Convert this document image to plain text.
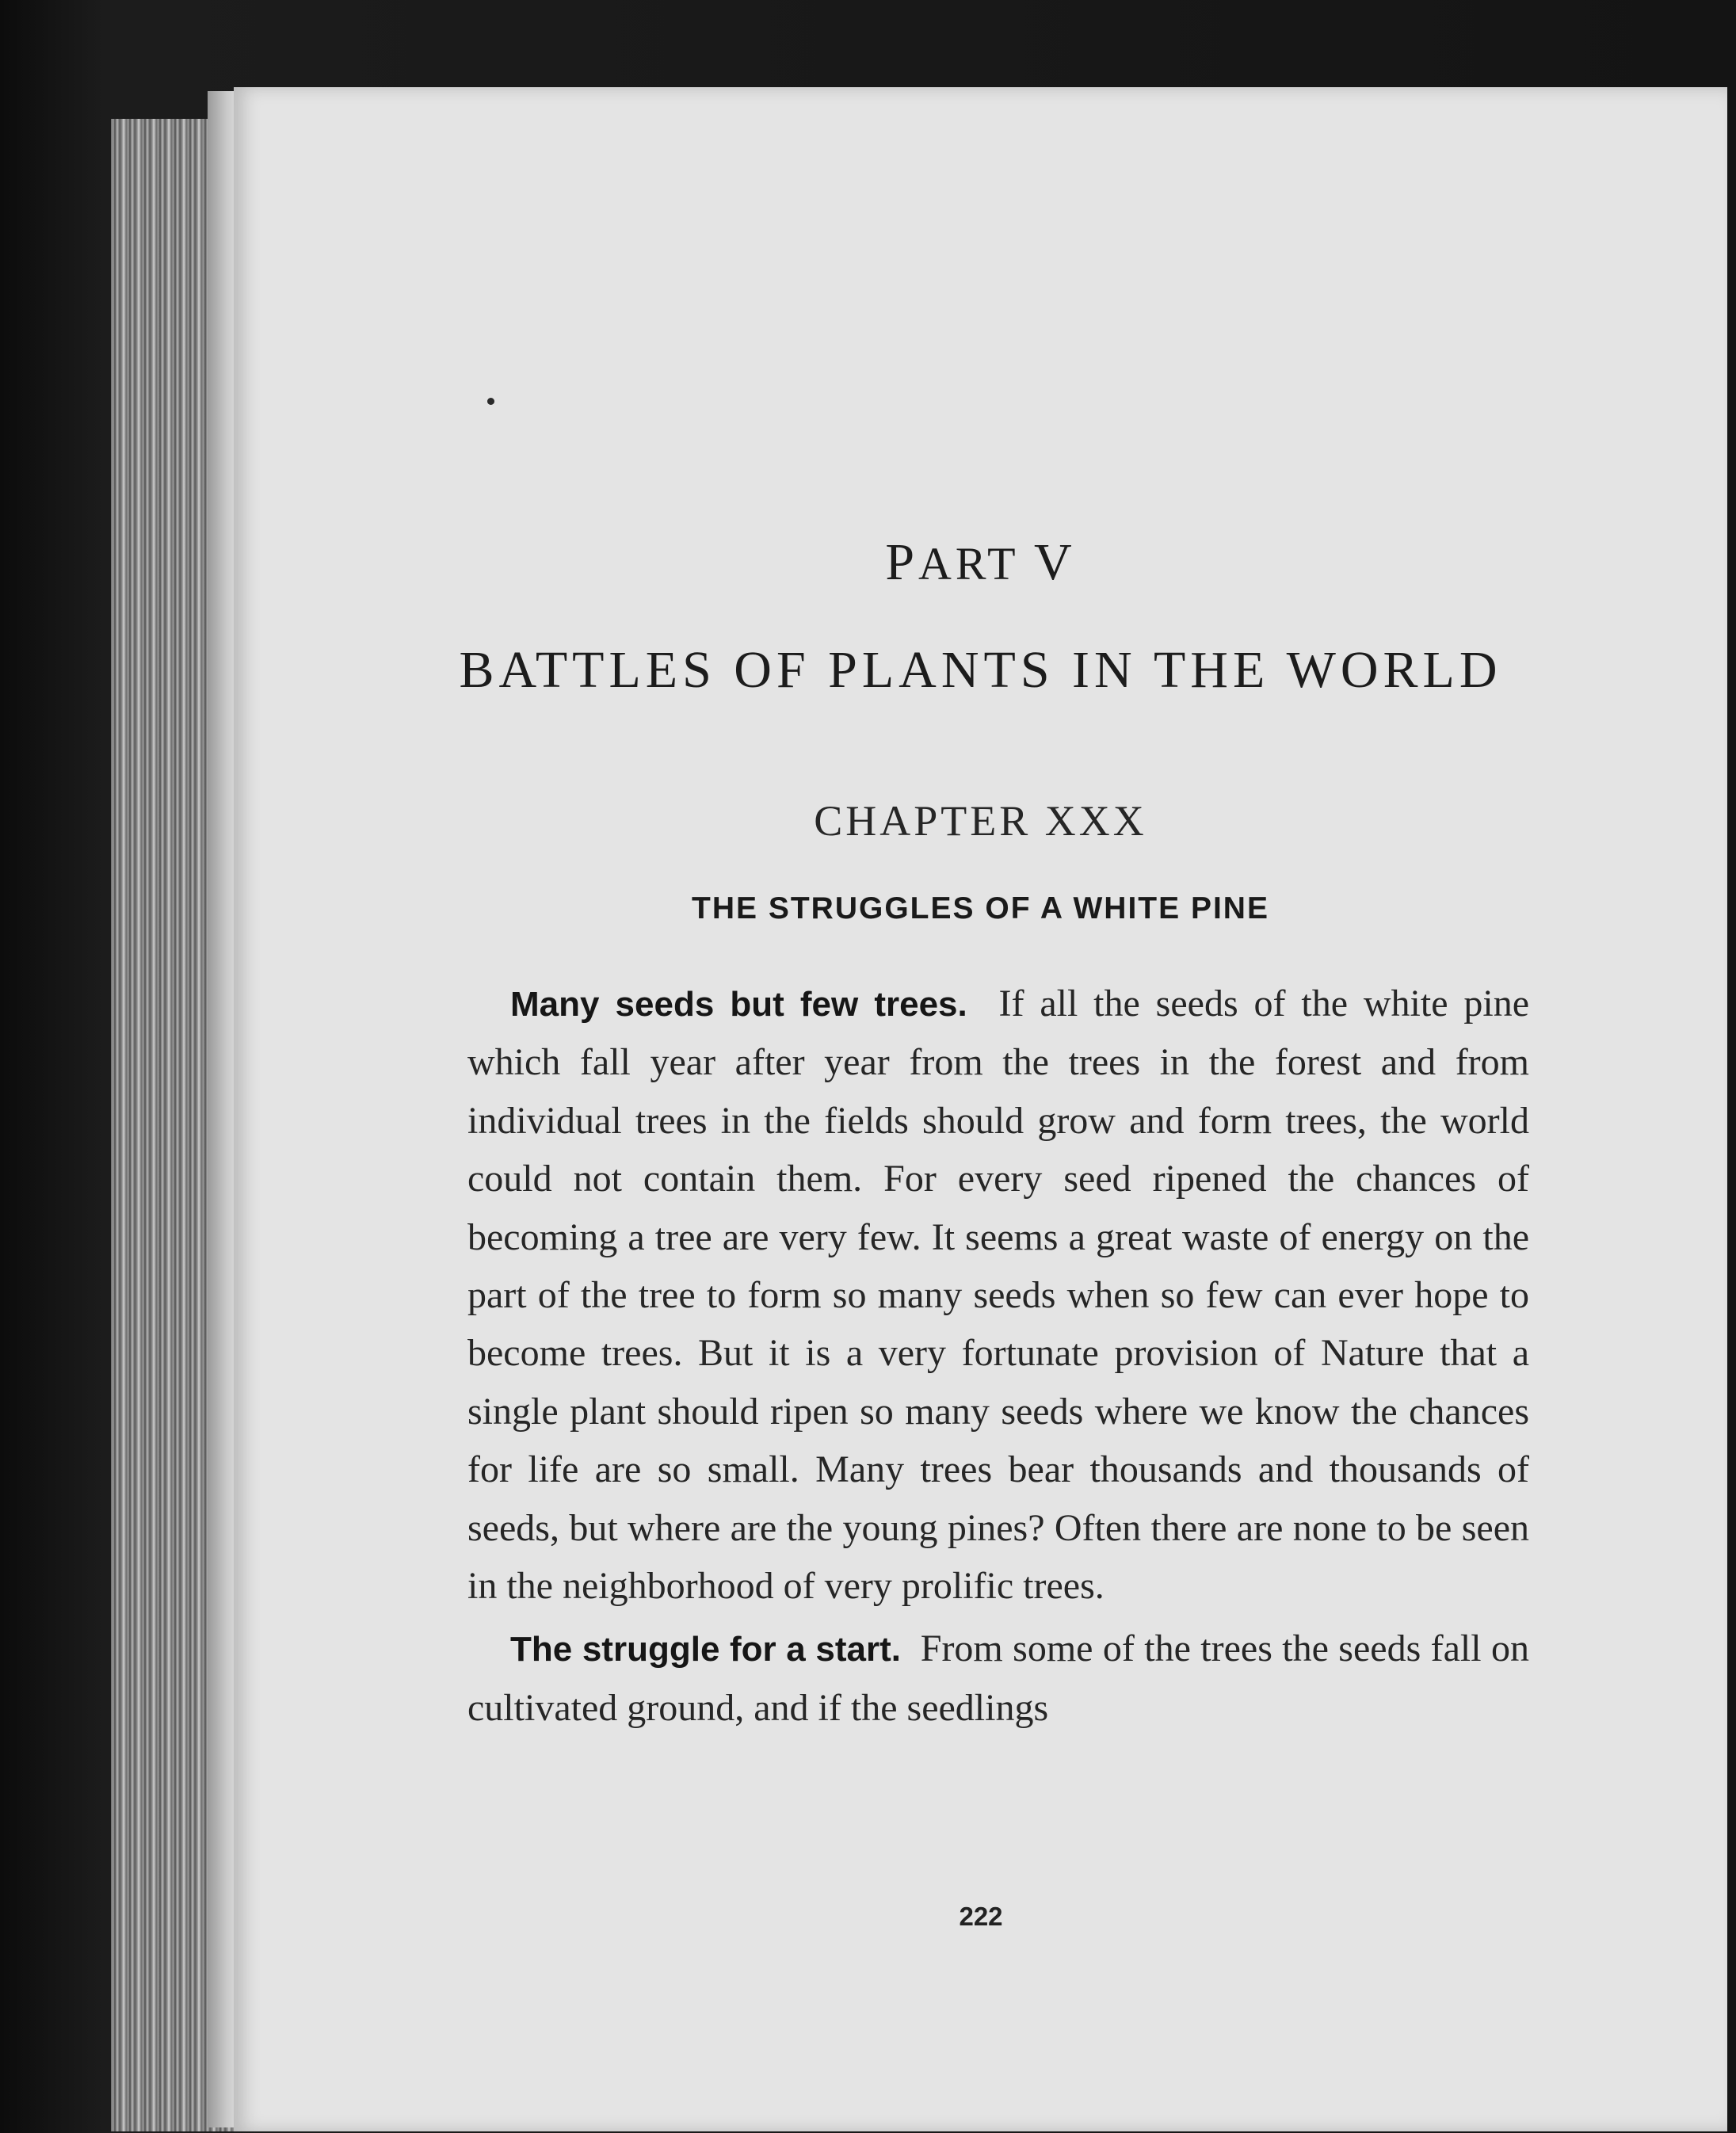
PART V
BATTLES OF PLANTS IN THE WORLD
CHAPTER XXX
THE STRUGGLES OF A WHITE PINE

Many seeds but few trees. If all the seeds of the white pine which fall year after year from the trees in the forest and from individual trees in the fields should grow and form trees, the world could not contain them. For every seed ripened the chances of becoming a tree are very few. It seems a great waste of energy on the part of the tree to form so many seeds when so few can ever hope to become trees. But it is a very fortunate provision of Nature that a single plant should ripen so many seeds where we know the chances for life are so small. Many trees bear thousands and thousands of seeds, but where are the young pines? Often there are none to be seen in the neighborhood of very prolific trees.

The struggle for a start. From some of the trees the seeds fall on cultivated ground, and if the seedlings

222
